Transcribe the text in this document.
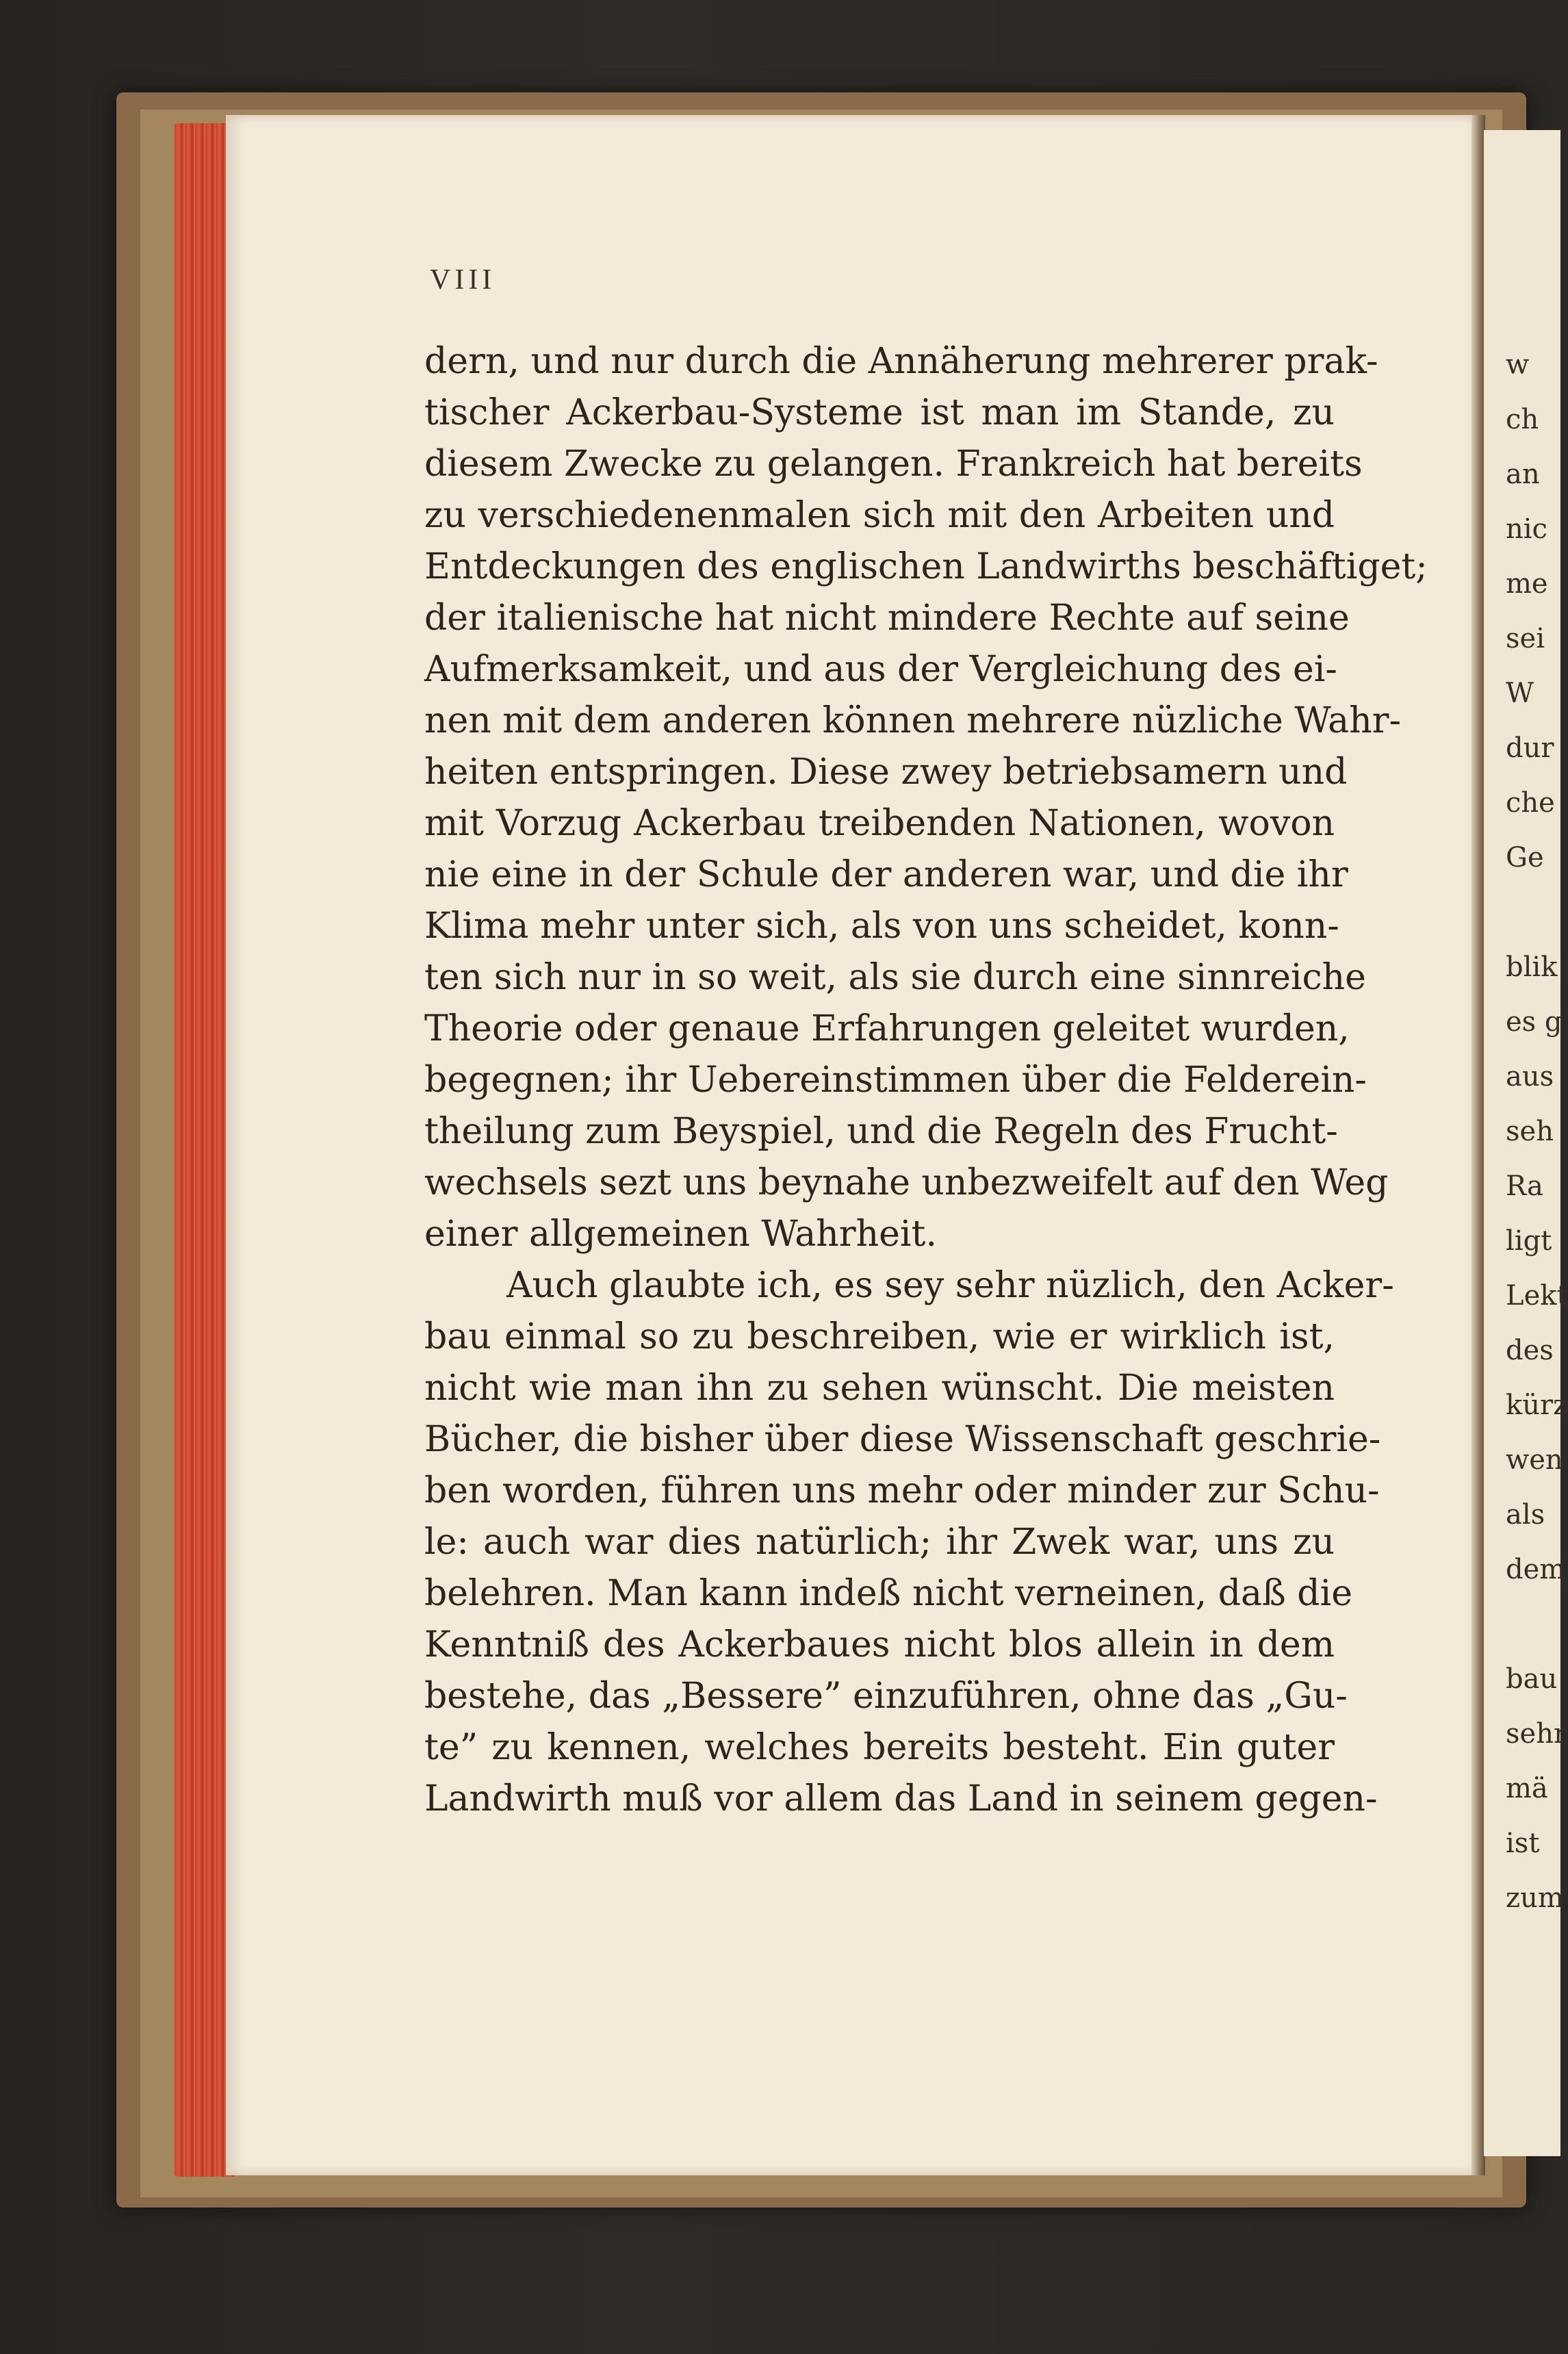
VIII
dern, und nur durch die Annäherung mehrerer prak-
tischer Ackerbau-Systeme ist man im Stande, zu
diesem Zwecke zu gelangen. Frankreich hat bereits
zu verschiedenenmalen sich mit den Arbeiten und
Entdeckungen des englischen Landwirths beschäftiget;
der italienische hat nicht mindere Rechte auf seine
Aufmerksamkeit, und aus der Vergleichung des ei-
nen mit dem anderen können mehrere nüzliche Wahr-
heiten entspringen. Diese zwey betriebsamern und
mit Vorzug Ackerbau treibenden Nationen, wovon
nie eine in der Schule der anderen war, und die ihr
Klima mehr unter sich, als von uns scheidet, konn-
ten sich nur in so weit, als sie durch eine sinnreiche
Theorie oder genaue Erfahrungen geleitet wurden,
begegnen; ihr Uebereinstimmen über die Felderein-
theilung zum Beyspiel, und die Regeln des Frucht-
wechsels sezt uns beynahe unbezweifelt auf den Weg
einer allgemeinen Wahrheit.
Auch glaubte ich, es sey sehr nüzlich, den Acker-
bau einmal so zu beschreiben, wie er wirklich ist,
nicht wie man ihn zu sehen wünscht. Die meisten
Bücher, die bisher über diese Wissenschaft geschrie-
ben worden, führen uns mehr oder minder zur Schu-
le: auch war dies natürlich; ihr Zwek war, uns zu
belehren. Man kann indeß nicht verneinen, daß die
Kenntniß des Ackerbaues nicht blos allein in dem
bestehe, das „Bessere” einzuführen, ohne das „Gu-
te” zu kennen, welches bereits besteht. Ein guter
Landwirth muß vor allem das Land in seinem gegen-
w
ch
an
nic
me
sei
W
dur
che
Ge
blik
es g
aus
seh
Ra
ligt
Lekt
des
kürz
wen
als
dem
bau
sehr
mä
ist
zum
